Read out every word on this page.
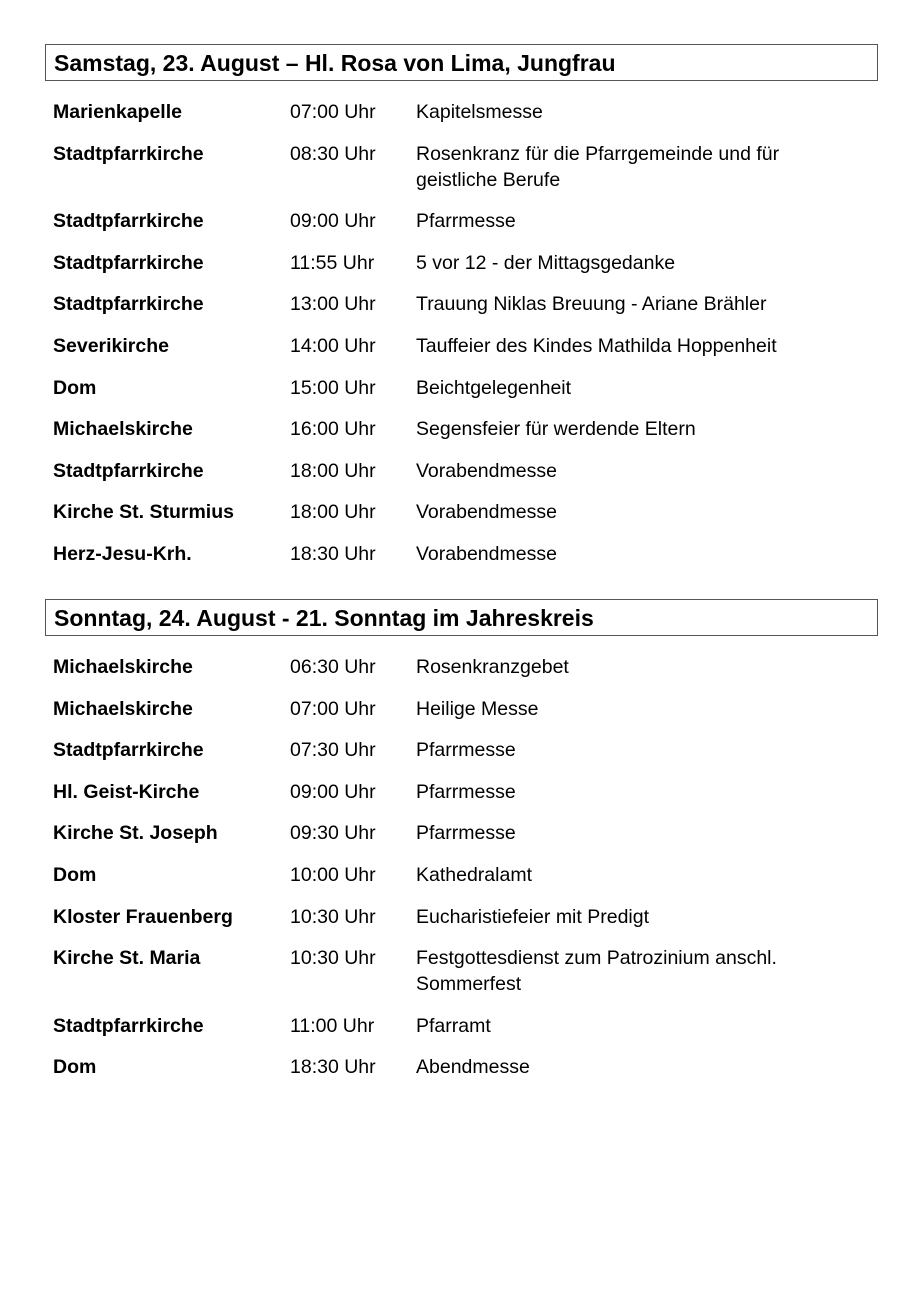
Samstag, 23. August – Hl. Rosa von Lima, Jungfrau
Marienkapelle	07:00 Uhr	Kapitelsmesse
Stadtpfarrkirche	08:30 Uhr	Rosenkranz für die Pfarrgemeinde und für geistliche Berufe
Stadtpfarrkirche	09:00 Uhr	Pfarrmesse
Stadtpfarrkirche	11:55 Uhr	5 vor 12 - der Mittagsgedanke
Stadtpfarrkirche	13:00 Uhr	Trauung Niklas Breuung - Ariane Brähler
Severikirche	14:00 Uhr	Tauffeier des Kindes Mathilda Hoppenheit
Dom	15:00 Uhr	Beichtgelegenheit
Michaelskirche	16:00 Uhr	Segensfeier für werdende Eltern
Stadtpfarrkirche	18:00 Uhr	Vorabendmesse
Kirche St. Sturmius	18:00 Uhr	Vorabendmesse
Herz-Jesu-Krh.	18:30 Uhr	Vorabendmesse
Sonntag, 24. August - 21. Sonntag im Jahreskreis
Michaelskirche	06:30 Uhr	Rosenkranzgebet
Michaelskirche	07:00 Uhr	Heilige Messe
Stadtpfarrkirche	07:30 Uhr	Pfarrmesse
Hl. Geist-Kirche	09:00 Uhr	Pfarrmesse
Kirche St. Joseph	09:30 Uhr	Pfarrmesse
Dom	10:00 Uhr	Kathedralamt
Kloster Frauenberg	10:30 Uhr	Eucharistiefeier mit Predigt
Kirche St. Maria	10:30 Uhr	Festgottesdienst zum Patrozinium anschl. Sommerfest
Stadtpfarrkirche	11:00 Uhr	Pfarramt
Dom	18:30 Uhr	Abendmesse
